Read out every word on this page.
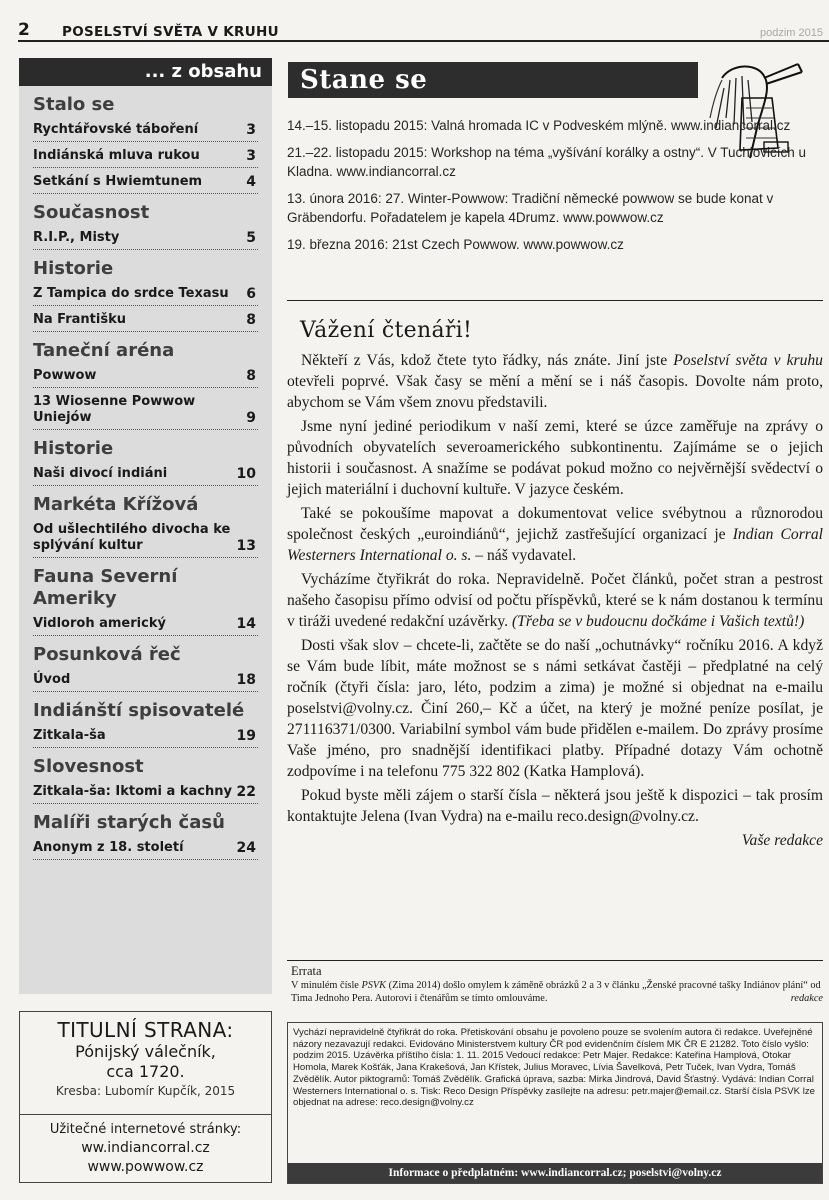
2 POSELSTVÍ SVĚTA V KRUHU	podzim 2015
... z obsahu
Stalo se
Rychtářovské táboření	3
Indiánská mluva rukou	3
Setkání s Hwiemtunem	4
Současnost
R.I.P., Misty	5
Historie
Z Tampica do srdce Texasu	6
Na Františku	8
Taneční aréna
Powwow	8
13 Wiosenne Powwow Uniejów	9
Historie
Naši divocí indiáni	10
Markéta Křížová
Od ušlechtilého divocha ke splývání kultur	13
Fauna Severní Ameriky
Vidloroh americký	14
Posunková řeč
Úvod	18
Indiánští spisovatelé
Zitkala-ša	19
Slovesnost
Zitkala-ša: Iktomi a kachny 22
Malíři starých časů
Anonym z 18. století	24
TITULNÍ STRANA:
Pónijský válečník,
cca 1720.
Kresba: Lubomír Kupčík, 2015
Užitečné internetové stránky:
ww.indiancorral.cz
www.powwow.cz
Stane se
14.–15. listopadu 2015: Valná hromada IC v Podveském mlýně. www.indiancorral.cz
21.–22. listopadu 2015: Workshop na téma „vyšívání korálky a ostny“. V Tuchlovicích u Kladna. www.indiancorral.cz
13. února 2016: 27. Winter-Powwow: Tradiční německé powwow se bude konat v Gräbendorfu. Pořadatelem je kapela 4Drumz. www.powwow.cz
19. března 2016: 21st Czech Powwow. www.powwow.cz
Vážení čtenáři!

Někteří z Vás, kdož čtete tyto řádky, nás znáte. Jiní jste Poselství světa v kruhu otevřeli poprvé. Však časy se mění a mění se i náš časopis. Dovolte nám proto, abychom se Vám všem znovu představili.

Jsme nyní jediné periodikum v naší zemi, které se úzce zaměřuje na zprávy o původních obyvatelích severoamerického subkontinentu. Zajímáme se o jejich historii i současnost. A snažíme se podávat pokud možno co nejvěrnější svědectví o jejich materiální i duchovní kultuře. V jazyce českém.

Také se pokoušíme mapovat a dokumentovat velice svébytnou a různorodou společnost českých „euroindiánů“, jejichž zastřešující organizací je Indian Corral Westerners International o. s. – náš vydavatel.

Vycházíme čtyřikrát do roka. Nepravidelně. Počet článků, počet stran a pestrost našeho časopisu přímo odvisí od počtu příspěvků, které se k nám dostanou k termínu v tiráži uvedené redakční uzávěrky. (Třeba se v budoucnu dočkáme i Vašich textů!)

Dosti však slov – chcete-li, začtěte se do naší „ochutnávky“ ročníku 2016. A když se Vám bude líbit, máte možnost se s námi setkávat častěji – předplatné na celý ročník (čtyři čísla: jaro, léto, podzim a zima) je možné si objednat na e-mailu poselstvi@volny.cz. Činí 260,– Kč a účet, na který je možné peníze posílat, je 271116371/0300. Variabilní symbol vám bude přidělen e-mailem. Do zprávy prosíme Vaše jméno, pro snadnější identifikaci platby. Případné dotazy Vám ochotně zodpovíme i na telefonu 775 322 802 (Katka Hamplová).

Pokud byste měli zájem o starší čísla – některá jsou ještě k dispozici – tak prosím kontaktujte Jelena (Ivan Vydra) na e-mailu reco.design@volny.cz.

Vaše redakce
Errata
V minulém čísle PSVK (Zima 2014) došlo omylem k záměně obrázků 2 a 3 v článku „Ženské pracovné tašky Indiánov plání“ od Tima Jednoho Pera. Autorovi i čtenářům se tímto omlouváme.	redakce
Vychází nepravidelně čtyřikrát do roka. Přetiskování obsahu je povoleno pouze se svolením autora či redakce. Uveřejněné názory nezavazují redakci. Evidováno Ministerstvem kultury ČR pod evidenčním číslem MK ČR E 21282. Toto číslo vyšlo: podzim 2015. Uzávěrka příštího čísla: 1. 11. 2015 Vedoucí redakce: Petr Majer. Redakce: Kateřina Hamplová, Otokar Homola, Marek Košťák, Jana Krakešová, Jan Křístek, Julius Moravec, Lívia Šavelková, Petr Tuček, Ivan Vydra, Tomáš Zvědělík. Autor piktogramů: Tomáš Zvědělík. Grafická úprava, sazba: Mirka Jindrová, David Šťastný. Vydává: Indian Corral Westerners International o. s. Tisk: Reco Design Příspěvky zasílejte na adresu: petr.majer@email.cz. Starší čísla PSVK lze objednat na adrese: reco.design@volny.cz
Informace o předplatném: www.indiancorral.cz; poselstvi@volny.cz
